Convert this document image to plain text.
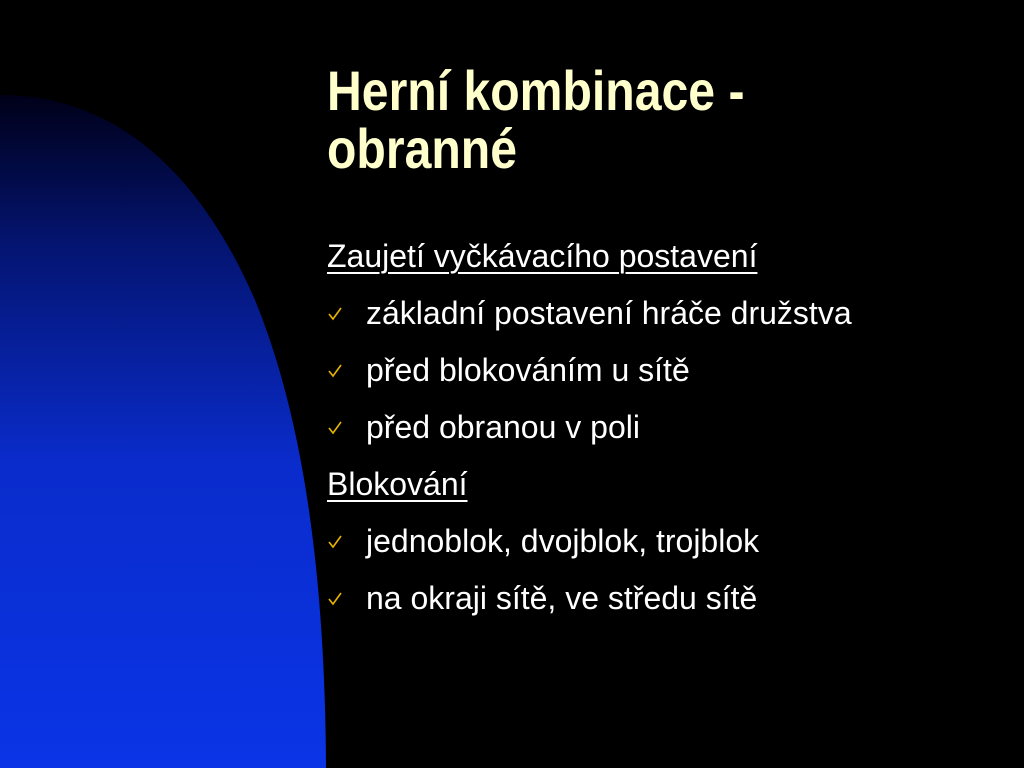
Herní kombinace -
obranné
Zaujetí vyčkávacího postavení
základní postavení hráče družstva
před blokováním u sítě
před obranou v poli
Blokování
jednoblok, dvojblok, trojblok
na okraji sítě, ve středu sítě
